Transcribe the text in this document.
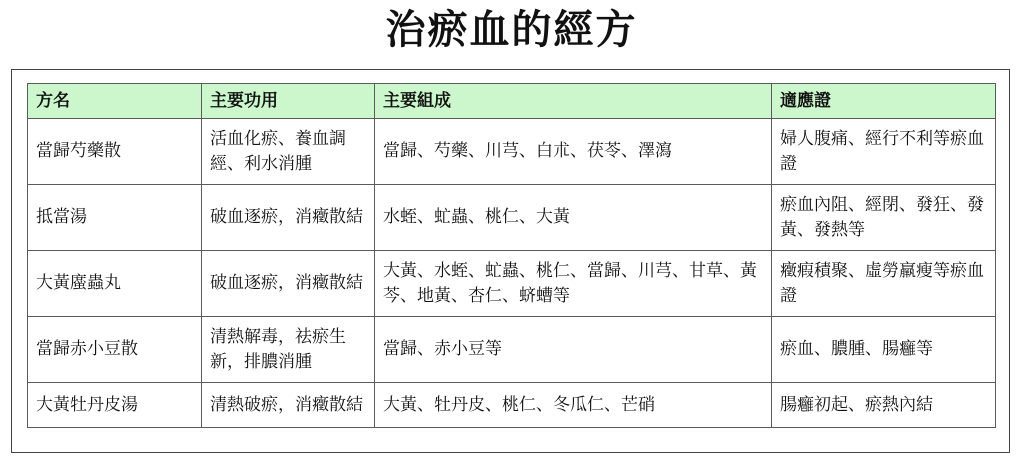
治瘀血的經方
方名	主要功用	主要組成	適應證
當歸芍藥散	活血化瘀、養血調經、利水消腫	當歸、芍藥、川芎、白朮、茯苓、澤瀉	婦人腹痛、經行不利等瘀血證
抵當湯	破血逐瘀，消癥散結	水蛭、虻蟲、桃仁、大黃	瘀血內阻、經閉、發狂、發黃、發熱等
大黃䗪蟲丸	破血逐瘀，消癥散結	大黃、水蛭、虻蟲、桃仁、當歸、川芎、甘草、黃芩、地黃、杏仁、蛴螬等	癥瘕積聚、虛勞羸瘦等瘀血證
當歸赤小豆散	清熱解毒，祛瘀生新，排膿消腫	當歸、赤小豆等	瘀血、膿腫、腸癰等
大黃牡丹皮湯	清熱破瘀，消癥散結	大黃、牡丹皮、桃仁、冬瓜仁、芒硝	腸癰初起、瘀熱內結
